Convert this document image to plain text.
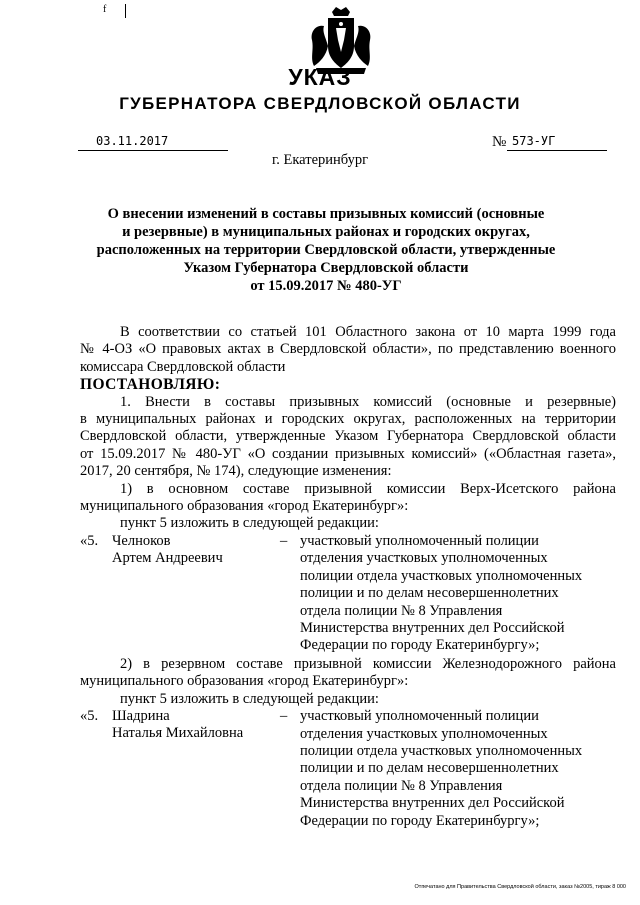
f
УКАЗ
ГУБЕРНАТОРА СВЕРДЛОВСКОЙ ОБЛАСТИ
03.11.2017	№ 573-УГ
г. Екатеринбург
О внесении изменений в составы призывных комиссий (основные
и резервные) в муниципальных районах и городских округах,
расположенных на территории Свердловской области, утвержденные
Указом Губернатора Свердловской области
от 15.09.2017 № 480-УГ

В соответствии со статьей 101 Областного закона от 10 марта 1999 года

№ 4-ОЗ «О правовых актах в Свердловской области», по представлению военного

комиссара Свердловской области

ПОСТАНОВЛЯЮ:

1. Внести в составы призывных комиссий (основные и резервные)

в муниципальных районах и городских округах, расположенных на территории

Свердловской области, утвержденные Указом Губернатора Свердловской области

от 15.09.2017 № 480-УГ «О создании призывных комиссий» («Областная газета»,

2017, 20 сентября, № 174), следующие изменения:

1) в основном составе призывной комиссии Верх-Исетского района

муниципального образования «город Екатеринбург»:

пункт 5 изложить в следующей редакции:

«5. Челноков
Артем Андреевич
– участковый уполномоченный полиции
отделения участковых уполномоченных
полиции отдела участковых уполномоченных
полиции и по делам несовершеннолетних
отдела полиции № 8 Управления
Министерства внутренних дел Российской
Федерации по городу Екатеринбургу»;

2) в резервном составе призывной комиссии Железнодорожного района

муниципального образования «город Екатеринбург»:

пункт 5 изложить в следующей редакции:

«5. Шадрина
Наталья Михайловна
– участковый уполномоченный полиции
отделения участковых уполномоченных
полиции отдела участковых уполномоченных
полиции и по делам несовершеннолетних
отдела полиции № 8 Управления
Министерства внутренних дел Российской
Федерации по городу Екатеринбургу»;
Отпечатано для Правительства Свердловской области, заказ №2005, тираж 8 000
